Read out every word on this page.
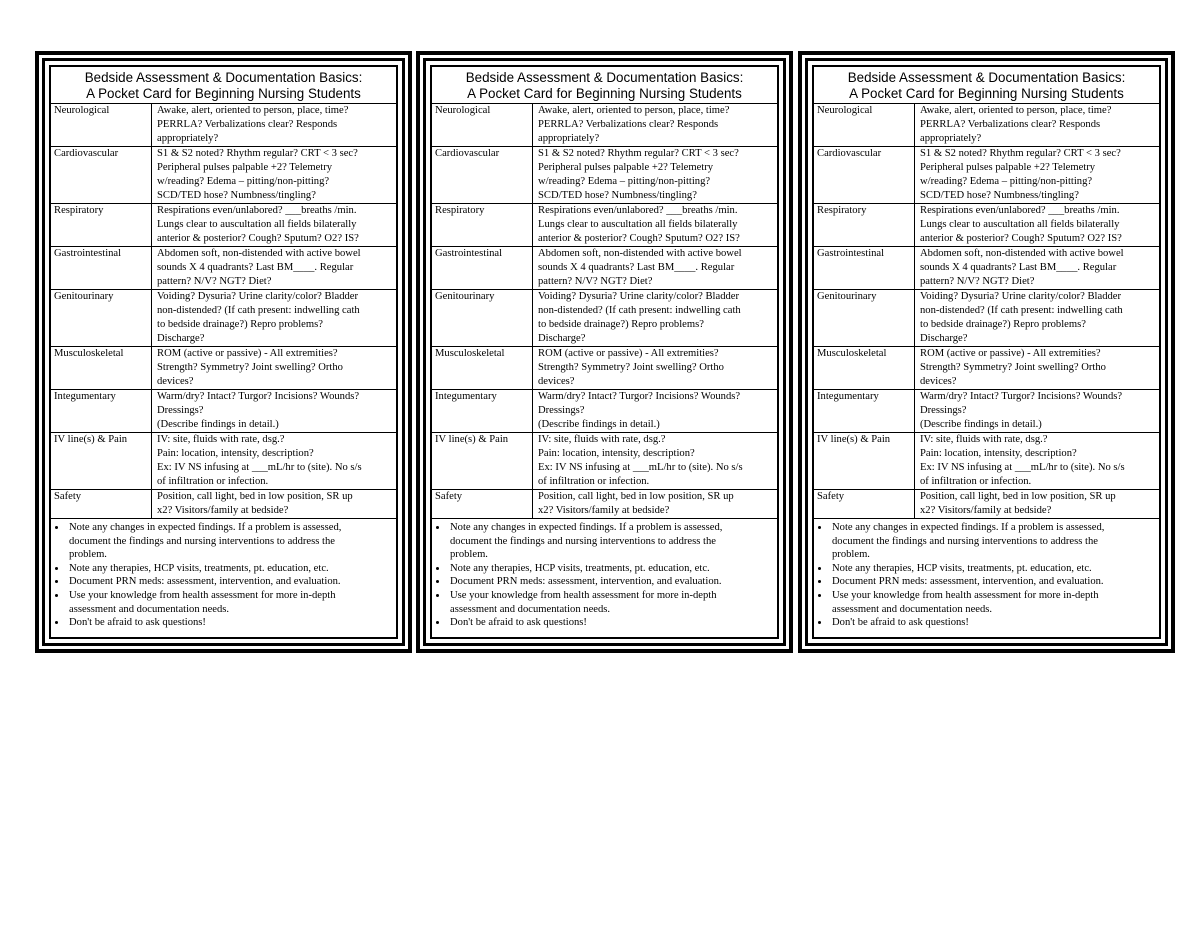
Bedside Assessment & Documentation Basics:
A Pocket Card for Beginning Nursing Students
Neurological	Awake, alert, oriented to person, place, time?
PERRLA? Verbalizations clear? Responds
appropriately?

Cardiovascular	S1 & S2 noted? Rhythm regular? CRT < 3 sec?
Peripheral pulses palpable +2? Telemetry
w/reading? Edema – pitting/non-pitting?
SCD/TED hose? Numbness/tingling?

Respiratory	Respirations even/unlabored? ___breaths /min.
Lungs clear to auscultation all fields bilaterally
anterior & posterior? Cough? Sputum? O2? IS?

Gastrointestinal	Abdomen soft, non-distended with active bowel
sounds X 4 quadrants? Last BM____. Regular
pattern? N/V? NGT? Diet?

Genitourinary	Voiding? Dysuria? Urine clarity/color? Bladder
non-distended? (If cath present: indwelling cath
to bedside drainage?) Repro problems?
Discharge?

Musculoskeletal	ROM (active or passive) - All extremities?
Strength? Symmetry? Joint swelling? Ortho
devices?

Integumentary	Warm/dry? Intact? Turgor? Incisions? Wounds?
Dressings?
(Describe findings in detail.)

IV line(s) & Pain	IV: site, fluids with rate, dsg.?
Pain: location, intensity, description?
Ex: IV NS infusing at ___mL/hr to (site). No s/s
of infiltration or infection.

Safety	Position, call light, bed in low position, SR up
x2? Visitors/family at bedside?
• Note any changes in expected findings. If a problem is assessed,
document the findings and nursing interventions to address the
problem.
• Note any therapies, HCP visits, treatments, pt. education, etc.
• Document PRN meds: assessment, intervention, and evaluation.
• Use your knowledge from health assessment for more in-depth
assessment and documentation needs.
• Don't be afraid to ask questions!
Bedside Assessment & Documentation Basics:
A Pocket Card for Beginning Nursing Students
Neurological	Awake, alert, oriented to person, place, time?
PERRLA? Verbalizations clear? Responds
appropriately?

Cardiovascular	S1 & S2 noted? Rhythm regular? CRT < 3 sec?
Peripheral pulses palpable +2? Telemetry
w/reading? Edema – pitting/non-pitting?
SCD/TED hose? Numbness/tingling?

Respiratory	Respirations even/unlabored? ___breaths /min.
Lungs clear to auscultation all fields bilaterally
anterior & posterior? Cough? Sputum? O2? IS?

Gastrointestinal	Abdomen soft, non-distended with active bowel
sounds X 4 quadrants? Last BM____. Regular
pattern? N/V? NGT? Diet?

Genitourinary	Voiding? Dysuria? Urine clarity/color? Bladder
non-distended? (If cath present: indwelling cath
to bedside drainage?) Repro problems?
Discharge?

Musculoskeletal	ROM (active or passive) - All extremities?
Strength? Symmetry? Joint swelling? Ortho
devices?

Integumentary	Warm/dry? Intact? Turgor? Incisions? Wounds?
Dressings?
(Describe findings in detail.)

IV line(s) & Pain	IV: site, fluids with rate, dsg.?
Pain: location, intensity, description?
Ex: IV NS infusing at ___mL/hr to (site). No s/s
of infiltration or infection.

Safety	Position, call light, bed in low position, SR up
x2? Visitors/family at bedside?
• Note any changes in expected findings. If a problem is assessed,
document the findings and nursing interventions to address the
problem.
• Note any therapies, HCP visits, treatments, pt. education, etc.
• Document PRN meds: assessment, intervention, and evaluation.
• Use your knowledge from health assessment for more in-depth
assessment and documentation needs.
• Don't be afraid to ask questions!
Bedside Assessment & Documentation Basics:
A Pocket Card for Beginning Nursing Students
Neurological	Awake, alert, oriented to person, place, time?
PERRLA? Verbalizations clear? Responds
appropriately?

Cardiovascular	S1 & S2 noted? Rhythm regular? CRT < 3 sec?
Peripheral pulses palpable +2? Telemetry
w/reading? Edema – pitting/non-pitting?
SCD/TED hose? Numbness/tingling?

Respiratory	Respirations even/unlabored? ___breaths /min.
Lungs clear to auscultation all fields bilaterally
anterior & posterior? Cough? Sputum? O2? IS?

Gastrointestinal	Abdomen soft, non-distended with active bowel
sounds X 4 quadrants? Last BM____. Regular
pattern? N/V? NGT? Diet?

Genitourinary	Voiding? Dysuria? Urine clarity/color? Bladder
non-distended? (If cath present: indwelling cath
to bedside drainage?) Repro problems?
Discharge?

Musculoskeletal	ROM (active or passive) - All extremities?
Strength? Symmetry? Joint swelling? Ortho
devices?

Integumentary	Warm/dry? Intact? Turgor? Incisions? Wounds?
Dressings?
(Describe findings in detail.)

IV line(s) & Pain	IV: site, fluids with rate, dsg.?
Pain: location, intensity, description?
Ex: IV NS infusing at ___mL/hr to (site). No s/s
of infiltration or infection.

Safety	Position, call light, bed in low position, SR up
x2? Visitors/family at bedside?
• Note any changes in expected findings. If a problem is assessed,
document the findings and nursing interventions to address the
problem.
• Note any therapies, HCP visits, treatments, pt. education, etc.
• Document PRN meds: assessment, intervention, and evaluation.
• Use your knowledge from health assessment for more in-depth
assessment and documentation needs.
• Don't be afraid to ask questions!
